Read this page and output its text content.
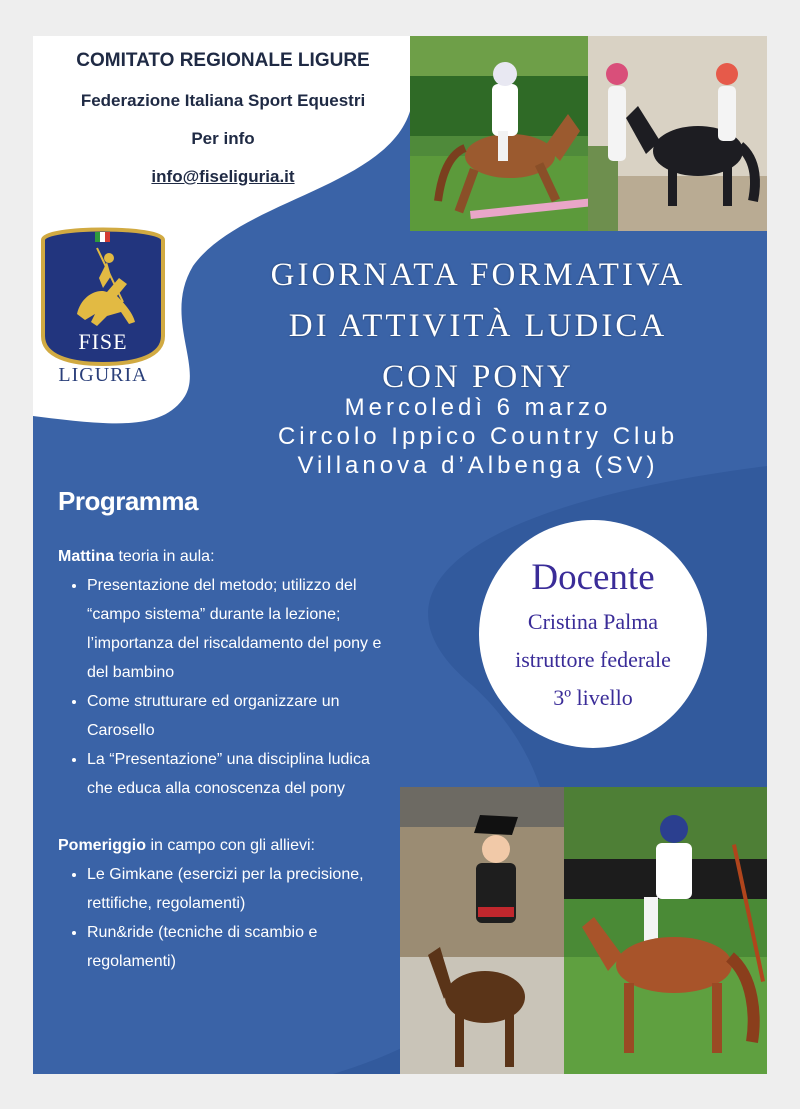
COMITATO REGIONALE LIGURE
Federazione Italiana Sport Equestri
Per info
info@fiseliguria.it
FISE
LIGURIA
GIORNATA FORMATIVA
DI ATTIVITÀ LUDICA
CON PONY
Mercoledì 6 marzo
Circolo Ippico Country Club
Villanova d’Albenga (SV)
Programma
Mattina teoria in aula:
• Presentazione del metodo; utilizzo del “campo sistema” durante la lezione; l’importanza del riscaldamento del pony e del bambino
• Come strutturare ed organizzare un Carosello
• La “Presentazione” una disciplina ludica che educa alla conoscenza del pony
Pomeriggio in campo con gli allievi:
• Le Gimkane (esercizi per la precisione, rettifiche, regolamenti)
• Run&ride (tecniche di scambio e regolamenti)
Docente
Cristina Palma
istruttore federale
3º livello
